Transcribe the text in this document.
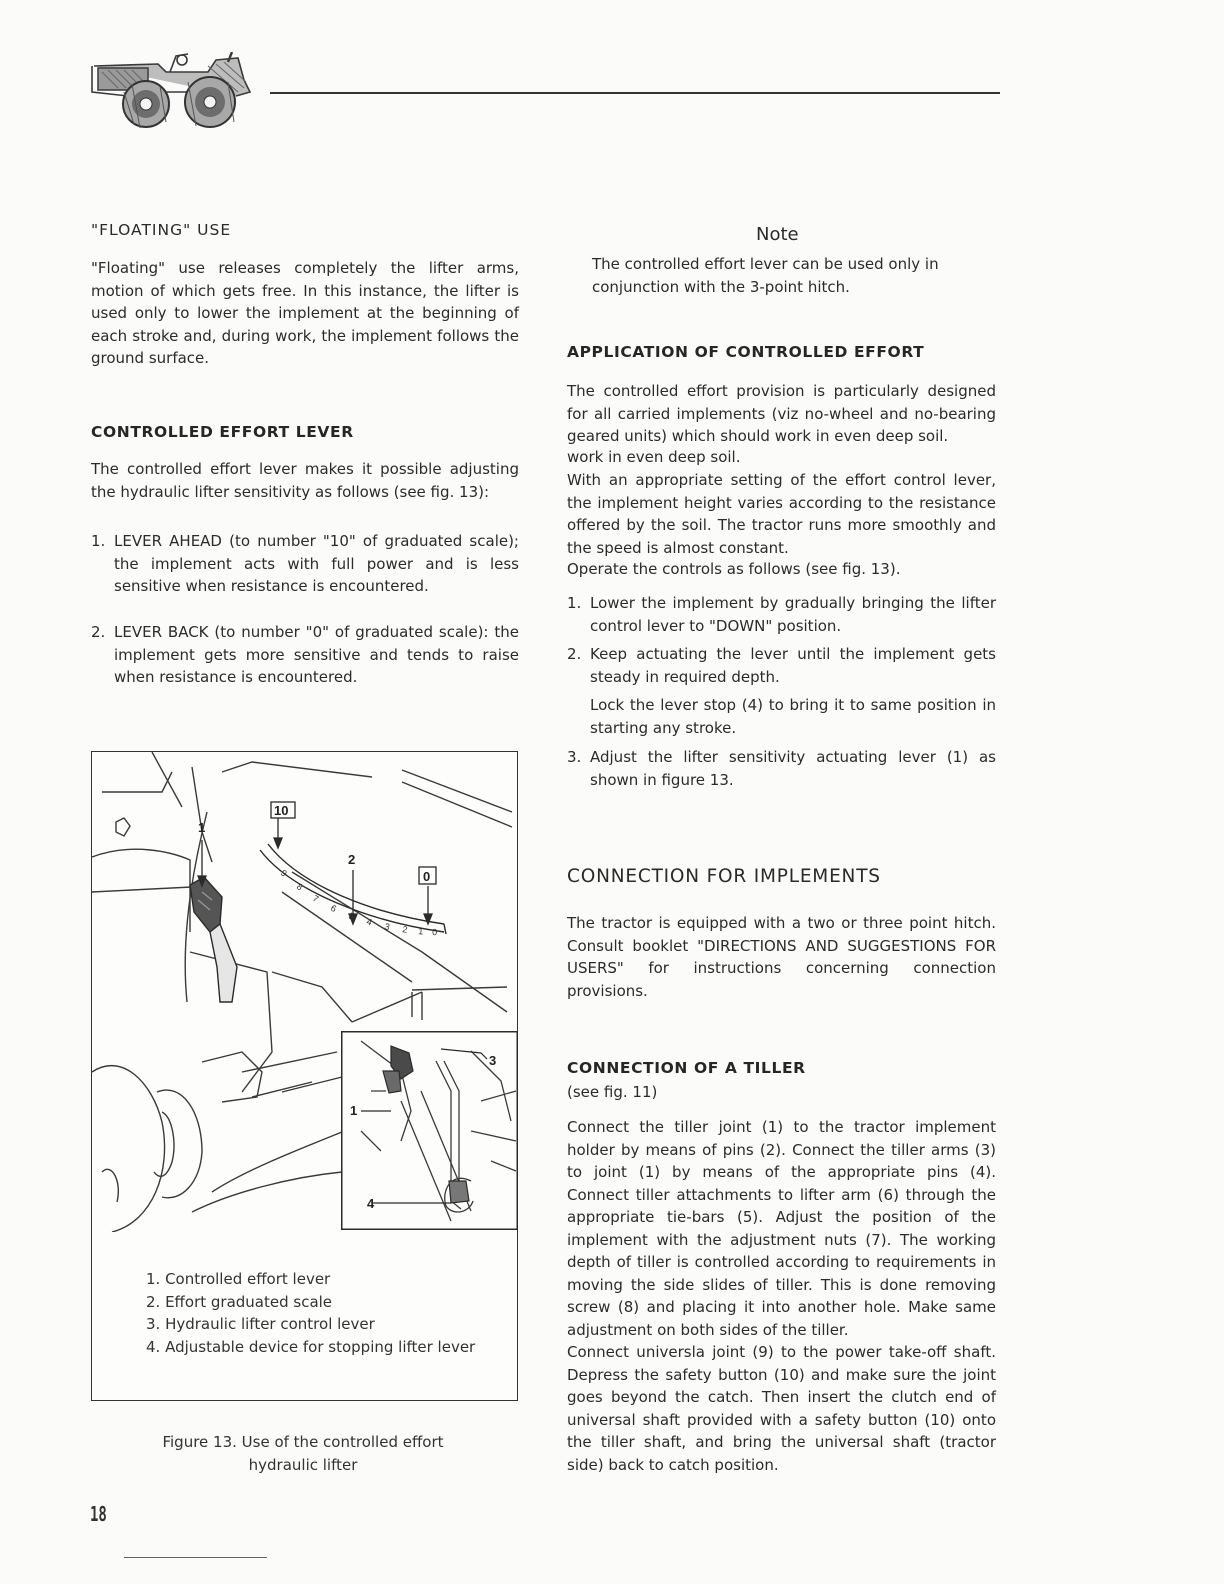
"FLOATING" USE

"Floating" use releases completely the lifter arms, motion of which gets free. In this instance, the lifter is used only to lower the implement at the beginning of each stroke and, during work, the implement follows the ground surface.

CONTROLLED EFFORT LEVER

The controlled effort lever makes it possible adjusting the hydraulic lifter sensitivity as follows (see fig. 13):

1. LEVER AHEAD (to number "10" of graduated scale); the implement acts with full power and is less sensitive when resistance is encountered.
2. LEVER BACK (to number "0" of graduated scale): the implement gets more sensitive and tends to raise when resistance is encountered.
10
0
1
2
9
8
7
6
5
4 3 2 1 0
1
3
4
1. Controlled effort lever
2. Effort graduated scale
3. Hydraulic lifter control lever
4. Adjustable device for stopping lifter lever
Figure 13. Use of the controlled effort
hydraulic lifter
Note

The controlled effort lever can be used only in conjunction with the 3-point hitch.

APPLICATION OF CONTROLLED EFFORT

The controlled effort provision is particularly designed for all carried implements (viz no-wheel and no-bearing geared units) which should work in even deep soil.

work in even deep soil.

With an appropriate setting of the effort control lever, the implement height varies according to the resistance offered by the soil. The tractor runs more smoothly and the speed is almost constant.

Operate the controls as follows (see fig. 13).

1. Lower the implement by gradually bringing the lifter control lever to "DOWN" position.
2. Keep actuating the lever until the implement gets steady in required depth.
Lock the lever stop (4) to bring it to same position in starting any stroke.
3. Adjust the lifter sensitivity actuating lever (1) as shown in figure 13.
CONNECTION FOR IMPLEMENTS

The tractor is equipped with a two or three point hitch. Consult booklet "DIRECTIONS AND SUGGESTIONS FOR USERS" for instructions concerning connection provisions.

CONNECTION OF A TILLER
(see fig. 11)

Connect the tiller joint (1) to the tractor implement holder by means of pins (2). Connect the tiller arms (3) to joint (1) by means of the appropriate pins (4). Connect tiller attachments to lifter arm (6) through the appropriate tie-bars (5). Adjust the position of the implement with the adjustment nuts (7). The working depth of tiller is controlled according to requirements in moving the side slides of tiller. This is done removing screw (8) and placing it into another hole. Make same adjustment on both sides of the tiller.

Connect universla joint (9) to the power take-off shaft. Depress the safety button (10) and make sure the joint goes beyond the catch. Then insert the clutch end of universal shaft provided with a safety button (10) onto the tiller shaft, and bring the universal shaft (tractor side) back to catch position.

18
